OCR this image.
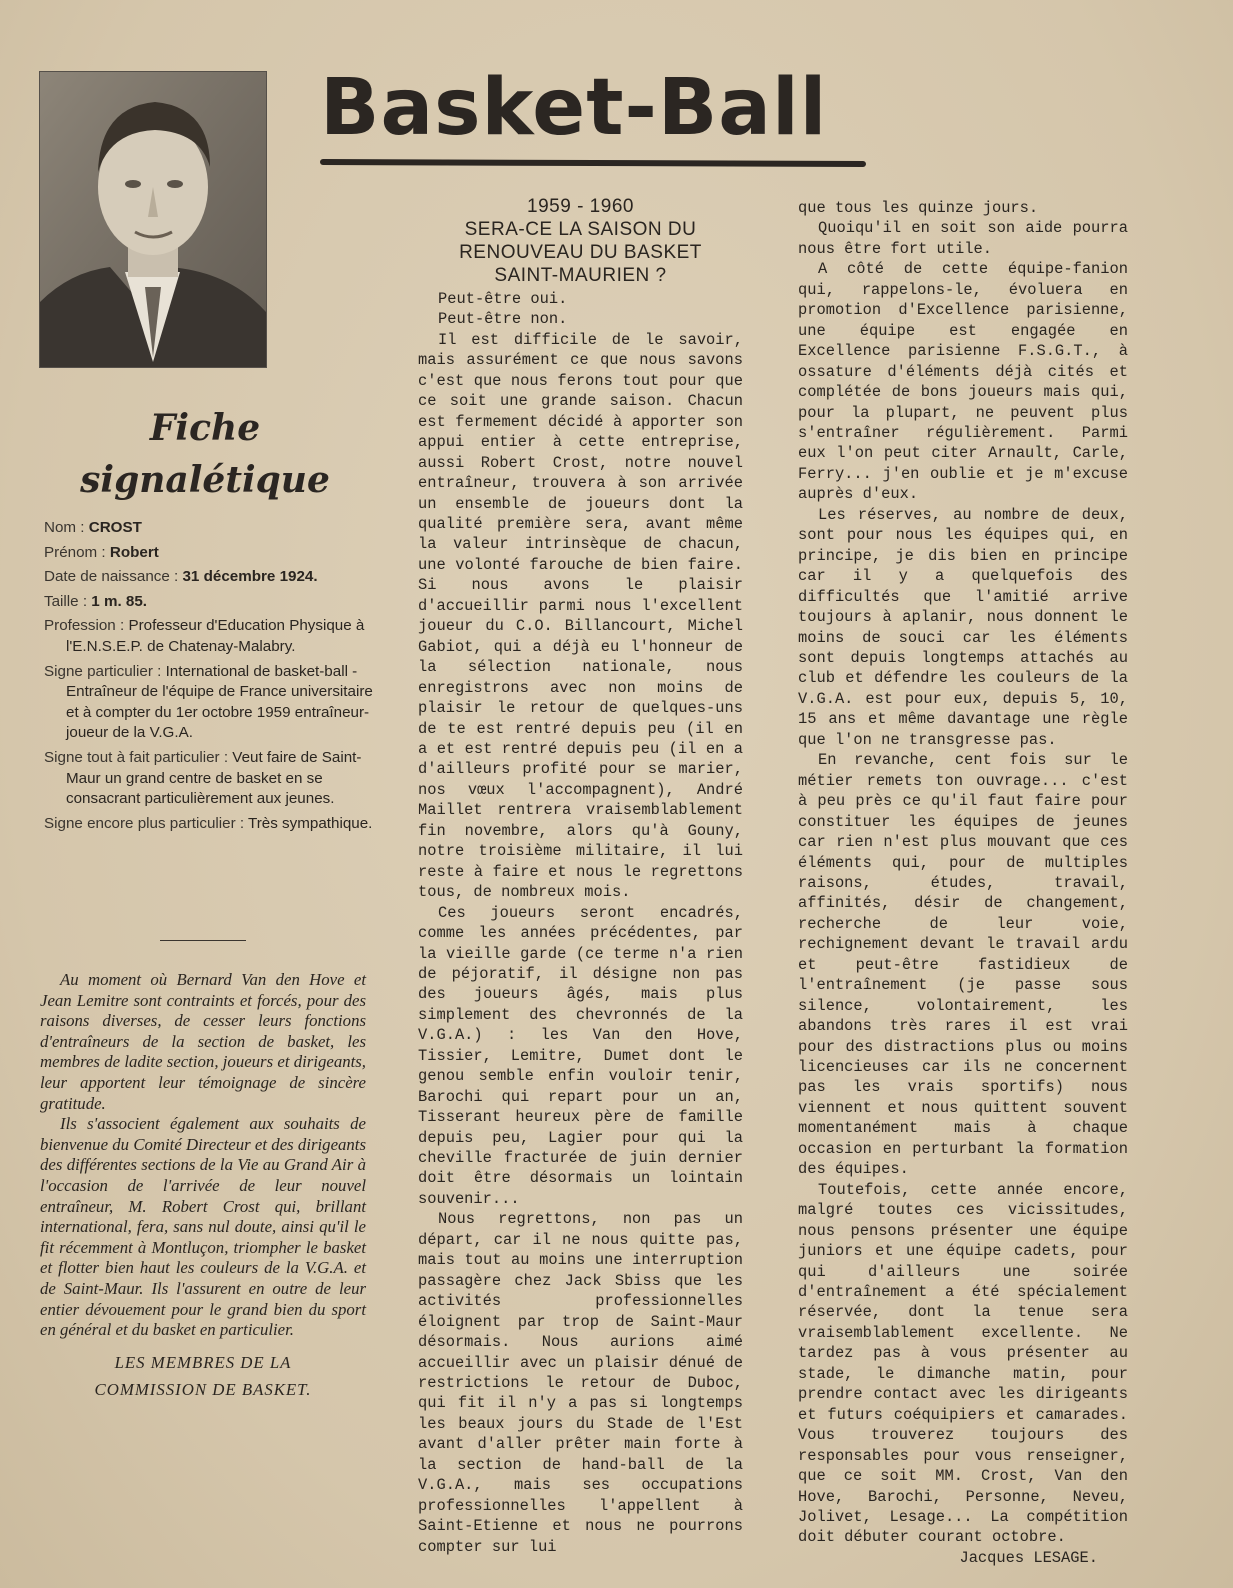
Basket-Ball
Fiche signalétique
Nom : CROST
Prénom : Robert
Date de naissance : 31 décembre 1924.
Taille : 1 m. 85.
Profession : Professeur d'Education Physique à l'E.N.S.E.P. de Chatenay-Malabry.
Signe particulier : International de basket-ball - Entraîneur de l'équipe de France universitaire et à compter du 1er octobre 1959 entraîneur-joueur de la V.G.A.
Signe tout à fait particulier : Veut faire de Saint-Maur un grand centre de basket en se consacrant particulièrement aux jeunes.
Signe encore plus particulier : Très sympathique.

Au moment où Bernard Van den Hove et Jean Lemitre sont contraints et forcés, pour des raisons diverses, de cesser leurs fonctions d'entraîneurs de la section de basket, les membres de ladite section, joueurs et dirigeants, leur apportent leur témoignage de sincère gratitude.

Ils s'associent également aux souhaits de bienvenue du Comité Directeur et des dirigeants des différentes sections de la Vie au Grand Air à l'occasion de l'arrivée de leur nouvel entraîneur, M. Robert Crost qui, brillant international, fera, sans nul doute, ainsi qu'il le fit récemment à Montluçon, triompher le basket et flotter bien haut les couleurs de la V.G.A. et de Saint-Maur. Ils l'assurent en outre de leur entier dévouement pour le grand bien du sport en général et du basket en particulier.

LES MEMBRES DE LA
COMMISSION DE BASKET.
1959 - 1960
SERA-CE LA SAISON DU
RENOUVEAU DU BASKET
SAINT-MAURIEN ?

Peut-être oui.

Peut-être non.

Il est difficile de le savoir, mais assurément ce que nous savons c'est que nous ferons tout pour que ce soit une grande saison. Chacun est fermement décidé à apporter son appui entier à cette entreprise, aussi Robert Crost, notre nouvel entraîneur, trouvera à son arrivée un ensemble de joueurs dont la qualité première sera, avant même la valeur intrinsèque de chacun, une volonté farouche de bien faire. Si nous avons le plaisir d'accueillir parmi nous l'excellent joueur du C.O. Billancourt, Michel Gabiot, qui a déjà eu l'honneur de la sélection nationale, nous enregistrons avec non moins de plaisir le retour de quelques-uns de te est rentré depuis peu (il en a et est rentré depuis peu (il en a d'ailleurs profité pour se marier, nos vœux l'accompagnent), André Maillet rentrera vraisemblablement fin novembre, alors qu'à Gouny, notre troisième militaire, il lui reste à faire et nous le regrettons tous, de nombreux mois.

Ces joueurs seront encadrés, comme les années précédentes, par la vieille garde (ce terme n'a rien de péjoratif, il désigne non pas des joueurs âgés, mais plus simplement des chevronnés de la V.G.A.) : les Van den Hove, Tissier, Lemitre, Dumet dont le genou semble enfin vouloir tenir, Barochi qui repart pour un an, Tisserant heureux père de famille depuis peu, Lagier pour qui la cheville fracturée de juin dernier doit être désormais un lointain souvenir...

Nous regrettons, non pas un départ, car il ne nous quitte pas, mais tout au moins une interruption passagère chez Jack Sbiss que les activités professionnelles éloignent par trop de Saint-Maur désormais. Nous aurions aimé accueillir avec un plaisir dénué de restrictions le retour de Duboc, qui fit il n'y a pas si longtemps les beaux jours du Stade de l'Est avant d'aller prêter main forte à la section de hand-ball de la V.G.A., mais ses occupations professionnelles l'appellent à Saint-Etienne et nous ne pourrons compter sur lui

que tous les quinze jours.

Quoiqu'il en soit son aide pourra nous être fort utile.

A côté de cette équipe-fanion qui, rappelons-le, évoluera en promotion d'Excellence parisienne, une équipe est engagée en Excellence parisienne F.S.G.T., à ossature d'éléments déjà cités et complétée de bons joueurs mais qui, pour la plupart, ne peuvent plus s'entraîner régulièrement. Parmi eux l'on peut citer Arnault, Carle, Ferry... j'en oublie et je m'excuse auprès d'eux.

Les réserves, au nombre de deux, sont pour nous les équipes qui, en principe, je dis bien en principe car il y a quelquefois des difficultés que l'amitié arrive toujours à aplanir, nous donnent le moins de souci car les éléments sont depuis longtemps attachés au club et défendre les couleurs de la V.G.A. est pour eux, depuis 5, 10, 15 ans et même davantage une règle que l'on ne transgresse pas.

En revanche, cent fois sur le métier remets ton ouvrage... c'est à peu près ce qu'il faut faire pour constituer les équipes de jeunes car rien n'est plus mouvant que ces éléments qui, pour de multiples raisons, études, travail, affinités, désir de changement, recherche de leur voie, rechignement devant le travail ardu et peut-être fastidieux de l'entraînement (je passe sous silence, volontairement, les abandons très rares il est vrai pour des distractions plus ou moins licencieuses car ils ne concernent pas les vrais sportifs) nous viennent et nous quittent souvent momentanément mais à chaque occasion en perturbant la formation des équipes.

Toutefois, cette année encore, malgré toutes ces vicissitudes, nous pensons présenter une équipe juniors et une équipe cadets, pour qui d'ailleurs une soirée d'entraînement a été spécialement réservée, dont la tenue sera vraisemblablement excellente. Ne tardez pas à vous présenter au stade, le dimanche matin, pour prendre contact avec les dirigeants et futurs coéquipiers et camarades. Vous trouverez toujours des responsables pour vous renseigner, que ce soit MM. Crost, Van den Hove, Barochi, Personne, Neveu, Jolivet, Lesage... La compétition doit débuter courant octobre.

Jacques LESAGE.
